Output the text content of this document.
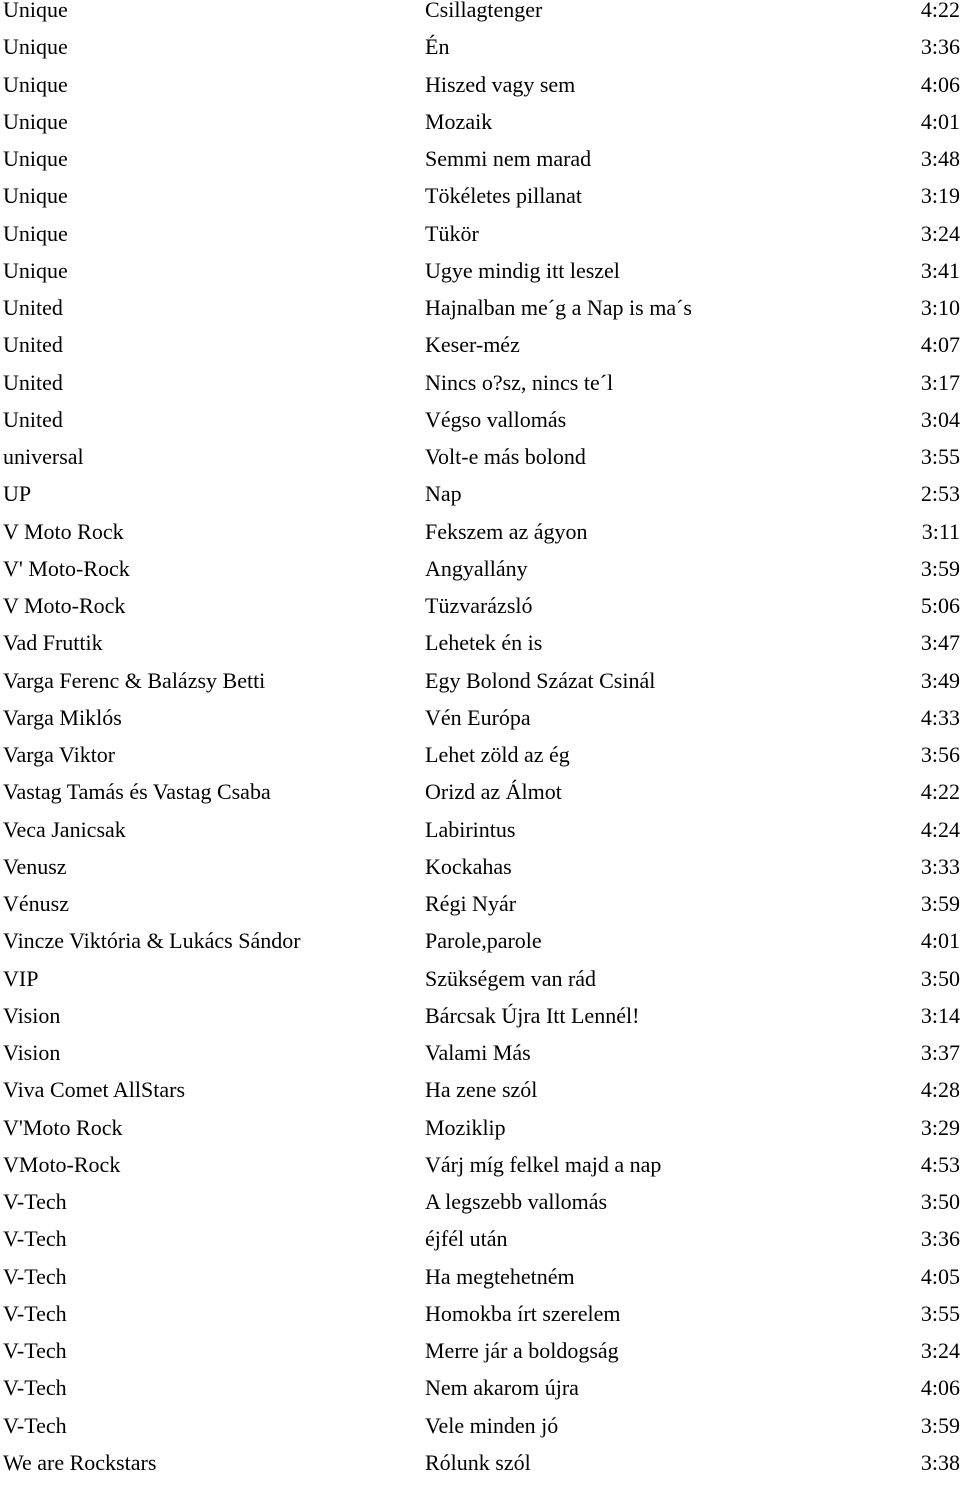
Unique	Csillagtenger	4:22
Unique	Én	3:36
Unique	Hiszed vagy sem	4:06
Unique	Mozaik	4:01
Unique	Semmi nem marad	3:48
Unique	Tökéletes pillanat	3:19
Unique	Tükör	3:24
Unique	Ugye mindig itt leszel	3:41
United	Hajnalban me´g a Nap is ma´s	3:10
United	Keser-méz	4:07
United	Nincs o?sz, nincs te´l	3:17
United	Végso vallomás	3:04
universal	Volt-e más bolond	3:55
UP	Nap	2:53
V Moto Rock	Fekszem az ágyon	3:11
V' Moto-Rock	Angyallány	3:59
V Moto-Rock	Tüzvarázsló	5:06
Vad Fruttik	Lehetek én is	3:47
Varga Ferenc & Balázsy Betti	Egy Bolond Százat Csinál	3:49
Varga Miklós	Vén Európa	4:33
Varga Viktor	Lehet zöld az ég	3:56
Vastag Tamás és Vastag Csaba	Orizd az Álmot	4:22
Veca Janicsak	Labirintus	4:24
Venusz	Kockahas	3:33
Vénusz	Régi Nyár	3:59
Vincze Viktória & Lukács Sándor	Parole,parole	4:01
VIP	Szükségem van rád	3:50
Vision	Bárcsak Újra Itt Lennél!	3:14
Vision	Valami Más	3:37
Viva Comet AllStars	Ha zene szól	4:28
V'Moto Rock	Moziklip	3:29
VMoto-Rock	Várj míg felkel majd a nap	4:53
V-Tech	A legszebb vallomás	3:50
V-Tech	éjfél után	3:36
V-Tech	Ha megtehetném	4:05
V-Tech	Homokba írt szerelem	3:55
V-Tech	Merre jár a boldogság	3:24
V-Tech	Nem akarom újra	4:06
V-Tech	Vele minden jó	3:59
We are Rockstars	Rólunk szól	3:38
